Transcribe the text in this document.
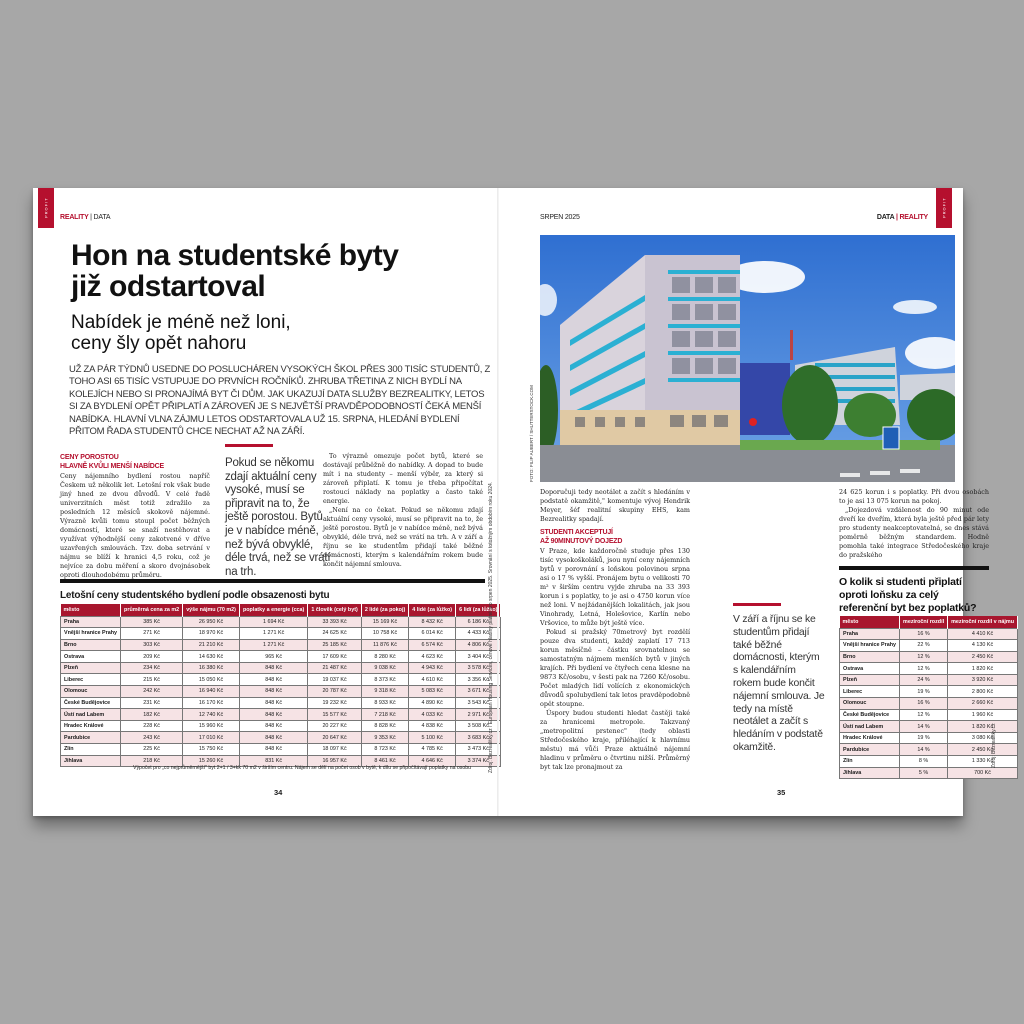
PROFIT	REALITY | DATA
Hon na studentské byty
již odstartoval
Nabídek je méně než loni,
ceny šly opět nahoru
UŽ ZA PÁR TÝDNŮ USEDNE DO POSLUCHÁREN VYSOKÝCH ŠKOL PŘES 300 TISÍC STUDENTŮ, Z TOHO ASI 65 TISÍC VSTUPUJE DO PRVNÍCH ROČNÍKŮ. ZHRUBA TŘETINA Z NICH BYDLÍ NA KOLEJÍCH NEBO SI PRONAJÍMÁ BYT ČI DŮM. JAK UKAZUJÍ DATA SLUŽBY BEZREALITKY, LETOS SI ZA BYDLENÍ OPĚT PŘIPLATÍ A ZÁROVEŇ JE S NEJVĚTŠÍ PRAVDĚPODOBNOSTÍ ČEKÁ MENŠÍ NABÍDKA. HLAVNÍ VLNA ZÁJMU LETOS ODSTARTOVALA UŽ 15. SRPNA, HLEDÁNÍ BYDLENÍ PŘITOM ŘADA STUDENTŮ CHCE NECHAT AŽ NA ZÁŘÍ.
CENY POROSTOU
HLAVNĚ KVŮLI MENŠÍ NABÍDCE

Ceny nájemního bydlení rostou napříč Českem už několik let. Letošní rok však bude jiný hned ze dvou důvodů. V celé řadě univerzitních měst totiž zdražilo za posledních 12 měsíců skokově nájemné. Výrazně kvůli tomu stoupl počet běžných domácností, které se snaží nestěhovat a využívat výhodnější ceny zakotvené v dříve uzavřených smlouvách. Tzv. doba setrvání v nájmu se blíží k hranici 4,5 roku, což je nejvíce za dobu měření a skoro dvojnásobek oproti dlouhodobému průměru.

Pokud se někomu zdají aktuální ceny vysoké, musí se připravit na to, že ještě porostou. Bytů je v nabídce méně, než bývá obvyklé, déle trvá, než se vrátí na trh.

To výrazně omezuje počet bytů, které se dostávají průběžně do nabídky. A dopad to bude mít i na studenty – menší výběr, za který si zároveň připlatí. K tomu je třeba připočítat rostoucí náklady na poplatky a často také energie.

„Není na co čekat. Pokud se někomu zdají aktuální ceny vysoké, musí se připravit na to, že ještě porostou. Bytů je v nabídce méně, než bývá obvyklé, déle trvá, než se vrátí na trh. A v září a říjnu se ke studentům přidají také běžné domácnosti, kterým s kalendářním rokem bude končit nájemní smlouva.

Letošní ceny studentského bydlení podle obsazenosti bytu
město	průměrná cena za m2	výše nájmu (70 m2)	poplatky a energie (cca)	1 člověk (celý byt)	2 lidé (za pokoj)	4 lidé (za lůžko)	6 lidí (za lůžko)
Praha	385 Kč	26 950 Kč	1 694 Kč	33 393 Kč	15 169 Kč	8 432 Kč	6 186 Kč
Vnější hranice Prahy	271 Kč	18 970 Kč	1 271 Kč	24 625 Kč	10 758 Kč	6 014 Kč	4 433 Kč
Brno	303 Kč	21 210 Kč	1 271 Kč	25 185 Kč	11 876 Kč	6 574 Kč	4 806 Kč
Ostrava	209 Kč	14 630 Kč	965 Kč	17 609 Kč	8 280 Kč	4 623 Kč	3 404 Kč
Plzeň	234 Kč	16 380 Kč	848 Kč	21 487 Kč	9 038 Kč	4 943 Kč	3 578 Kč
Liberec	215 Kč	15 050 Kč	848 Kč	19 037 Kč	8 373 Kč	4 610 Kč	3 356 Kč
Olomouc	242 Kč	16 940 Kč	848 Kč	20 787 Kč	9 318 Kč	5 083 Kč	3 671 Kč
České Budějovice	231 Kč	16 170 Kč	848 Kč	19 232 Kč	8 933 Kč	4 890 Kč	3 543 Kč
Ústí nad Labem	182 Kč	12 740 Kč	848 Kč	15 577 Kč	7 218 Kč	4 033 Kč	2 971 Kč
Hradec Králové	228 Kč	15 960 Kč	848 Kč	20 227 Kč	8 828 Kč	4 838 Kč	3 508 Kč
Pardubice	243 Kč	17 010 Kč	848 Kč	20 647 Kč	9 353 Kč	5 100 Kč	3 683 Kč
Zlín	225 Kč	15 750 Kč	848 Kč	18 097 Kč	8 723 Kč	4 785 Kč	3 473 Kč
Jihlava	218 Kč	15 260 Kč	831 Kč	16 957 Kč	8 461 Kč	4 646 Kč	3 374 Kč
Výpočet pro „co nejprůměrnější" byt 2+1 / 3+kk 70 m2 v širším centru. Nájem se dělí na počet osob v bytě, k dílu se připočítávají poplatky na osobu	Zdroj: Bezrealitky.cz / European Housing Services, cenové hladiny platné pro srpen 2025. Srovnání s totožným obdobím roku 2024.
34
PROFIT
SRPEN 2025	DATA | REALITY
FOTO: FILIP AUBERT / SHUTTERSTOCK.COM

Doporučuji tedy neotálet a začít s hledáním v podstatě okamžitě," komentuje vývoj Hendrik Meyer, šéf realitní skupiny EHS, kam Bezrealitky spadají.

STUDENTI AKCEPTUJÍ
AŽ 90MINUTOVÝ DOJEZD

V Praze, kde každoročně studuje přes 130 tisíc vysokoškoláků, jsou nyní ceny nájemních bytů v porovnání s loňskou polovinou srpna asi o 17 % vyšší. Pronájem bytu o velikosti 70 m² v širším centru vyjde zhruba na 33 393 korun i s poplatky, to je asi o 4750 korun více než loni. V nejžádanějších lokalitách, jak jsou Vinohrady, Letná, Holešovice, Karlín nebo Vršovice, to může být ještě více.

Pokud si pražský 70metrový byt rozdělí pouze dva studenti, každý zaplatí 17 713 korun měsíčně – částku srovnatelnou se samostatným nájmem menších bytů v jiných krajích. Při bydlení ve čtyřech cena klesne na 9873 Kč/osobu, v šesti pak na 7260 Kč/osobu. Počet mladých lidí volících z ekonomických důvodů spolubydlení tak letos pravděpodobně opět stoupne.

Úspory budou studenti hledat častěji také za hranicemi metropole. Takzvaný „metropolitní prstenec" (tedy oblasti Středočeského kraje, přiléhající k hlavnímu městu) má vůči Praze aktuálně nájemní hladinu v průměru o čtvrtinu nižší. Průměrný byt tak lze pronajmout za

V září a říjnu se ke studentům přidají také běžné domácnosti, kterým s kalendářním rokem bude končit nájemní smlouva. Je tedy na místě neotálet a začít s hledáním v podstatě okamžitě.

24 625 korun i s poplatky. Při dvou osobách to je asi 13 075 korun na pokoj.

„Dojezdová vzdálenost do 90 minut ode dveří ke dveřím, která byla ještě před pár lety pro studenty neakceptovatelná, se dnes stává poměrně běžným standardem. Hodně pomohla také integrace Středočeského kraje do pražského

O kolik si studenti připlatí oproti loňsku za celý referenční byt bez poplatků?
město	meziroční rozdíl	meziroční rozdíl v nájmu
Praha	16 %	4 410 Kč
Vnější hranice Prahy	22 %	4 130 Kč
Brno	12 %	2 450 Kč
Ostrava	12 %	1 820 Kč
Plzeň	24 %	3 920 Kč
Liberec	19 %	2 800 Kč
Olomouc	16 %	2 660 Kč
České Budějovice	12 %	1 960 Kč
Ústí nad Labem	14 %	1 820 Kč
Hradec Králové	19 %	3 080 Kč
Pardubice	14 %	2 450 Kč
Zlín	8 %	1 330 Kč
Jihlava	5 %	700 Kč
Zdroj: Bezrealitky.cz
35
